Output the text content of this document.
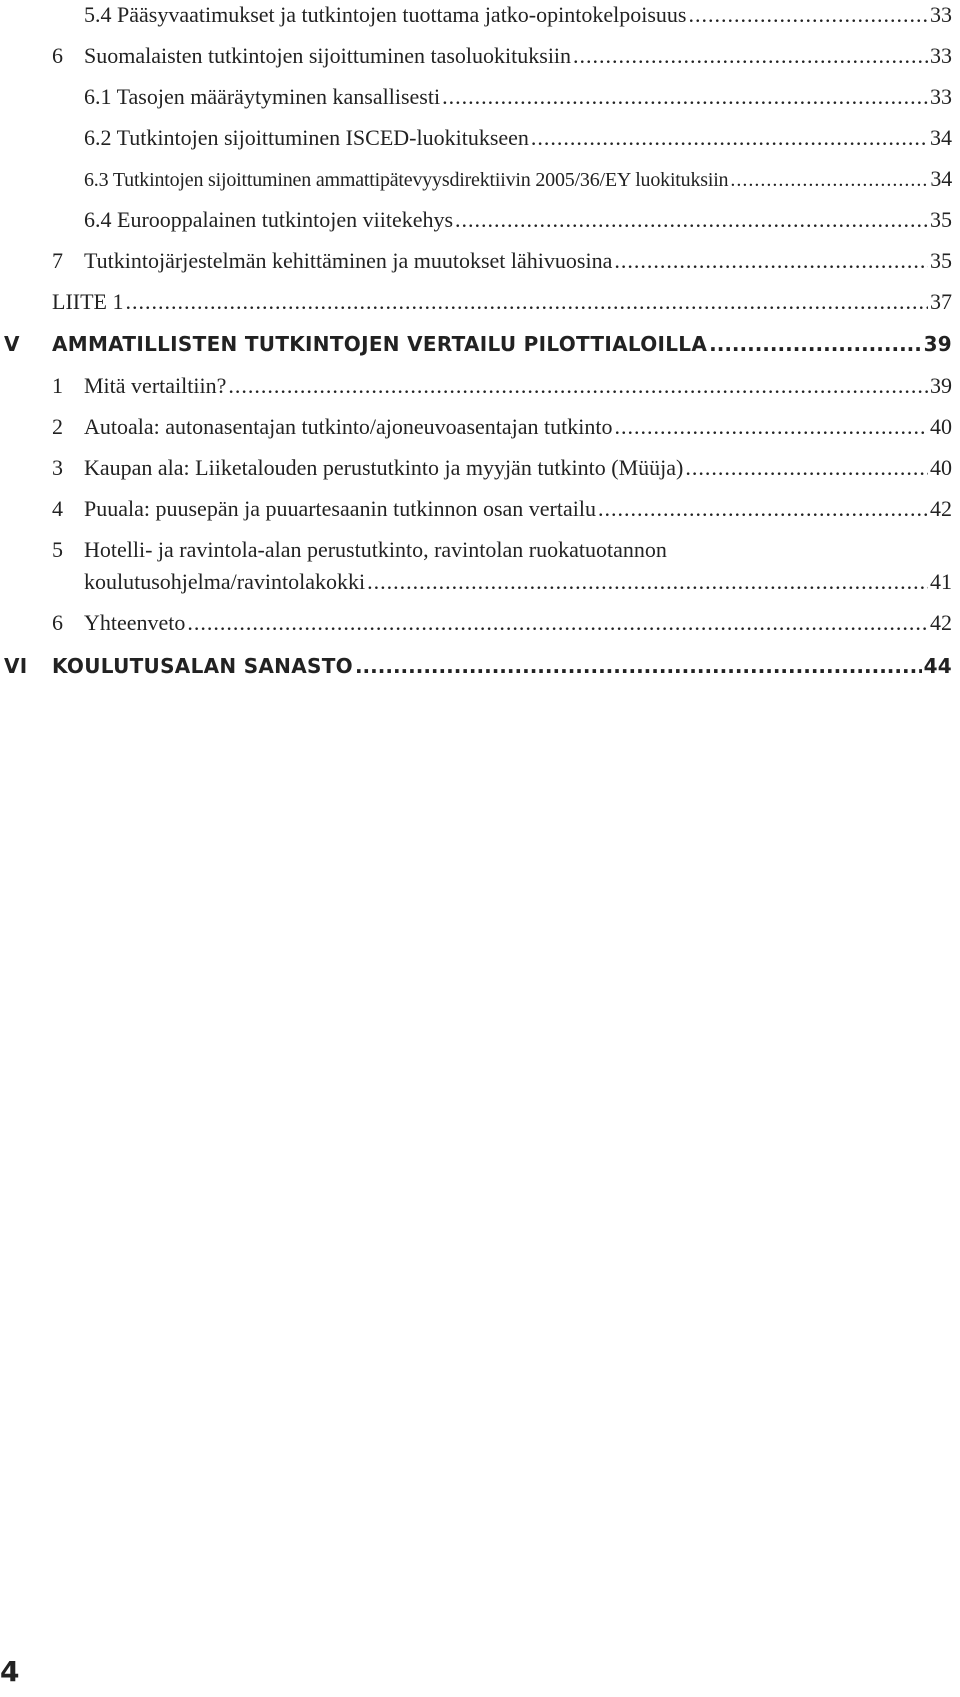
5.4 Pääsyvaatimukset ja tutkintojen tuottama jatko-opintokelpoisuus .....	33
6 Suomalaisten tutkintojen sijoittuminen tasoluokituksiin .....	33
6.1 Tasojen määräytyminen kansallisesti .....	33
6.2 Tutkintojen sijoittuminen ISCED-luokitukseen .....	34
6.3 Tutkintojen sijoittuminen ammattipätevyysdirektiivin 2005/36/EY luokituksiin .....	34
6.4 Eurooppalainen tutkintojen viitekehys .....	35
7 Tutkintojärjestelmän kehittäminen ja muutokset lähivuosina .....	35
LIITE 1 .....	37
V AMMATILLISTEN TUTKINTOJEN VERTAILU PILOTTIALOILLA .....	39
1 Mitä vertailtiin? .....	39
2 Autoala: autonasentajan tutkinto/ajoneuvoasentajan tutkinto .....	40
3 Kaupan ala: Liiketalouden perustutkinto ja myyjän tutkinto (Müüja) .....	40
4 Puuala: puusepän ja puuartesaanin tutkinnon osan vertailu .....	42
5 Hotelli- ja ravintola-alan perustutkinto, ravintolan ruokatuotannon
koulutusohjelma/ravintolakokki .....	41
6 Yhteenveto .....	42
VI KOULUTUSALAN SANASTO .....	44
4
